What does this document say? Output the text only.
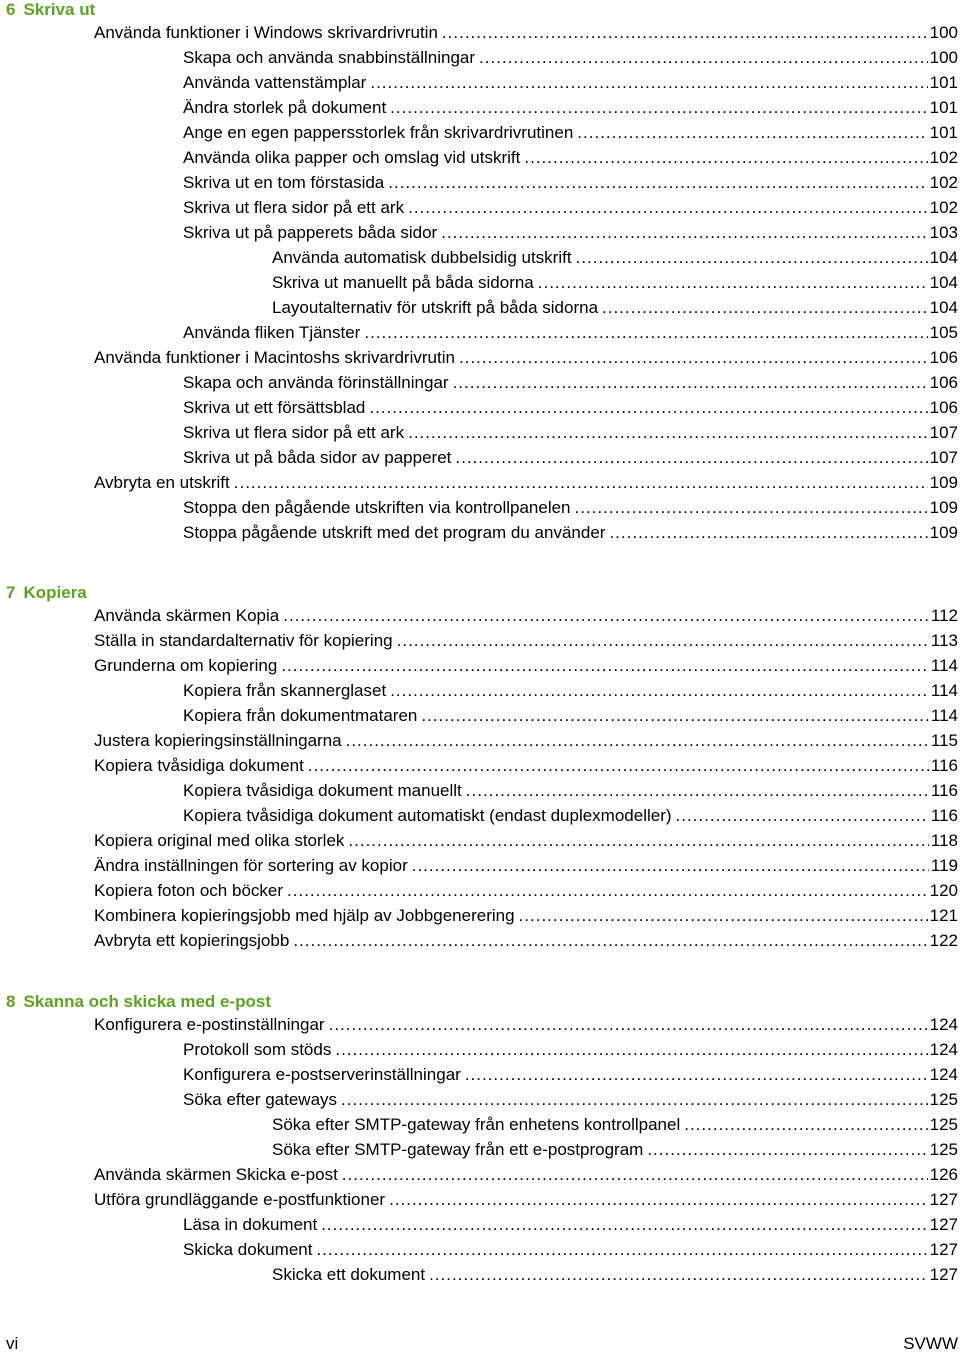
6 Skriva ut
Använda funktioner i Windows skrivardrivrutin .....	100
Skapa och använda snabbinställningar .....	100
Använda vattenstämplar .....	101
Ändra storlek på dokument .....	101
Ange en egen pappersstorlek från skrivardrivrutinen .....	101
Använda olika papper och omslag vid utskrift .....	102
Skriva ut en tom förstasida .....	102
Skriva ut flera sidor på ett ark .....	102
Skriva ut på papperets båda sidor .....	103
Använda automatisk dubbelsidig utskrift .....	104
Skriva ut manuellt på båda sidorna .....	104
Layoutalternativ för utskrift på båda sidorna .....	104
Använda fliken Tjänster .....	105
Använda funktioner i Macintoshs skrivardrivrutin .....	106
Skapa och använda förinställningar .....	106
Skriva ut ett försättsblad .....	106
Skriva ut flera sidor på ett ark .....	107
Skriva ut på båda sidor av papperet .....	107
Avbryta en utskrift .....	109
Stoppa den pågående utskriften via kontrollpanelen .....	109
Stoppa pågående utskrift med det program du använder .....	109
7 Kopiera
Använda skärmen Kopia .....	112
Ställa in standardalternativ för kopiering .....	113
Grunderna om kopiering .....	114
Kopiera från skannerglaset .....	114
Kopiera från dokumentmataren .....	114
Justera kopieringsinställningarna .....	115
Kopiera tvåsidiga dokument .....	116
Kopiera tvåsidiga dokument manuellt .....	116
Kopiera tvåsidiga dokument automatiskt (endast duplexmodeller) .....	116
Kopiera original med olika storlek .....	118
Ändra inställningen för sortering av kopior .....	119
Kopiera foton och böcker .....	120
Kombinera kopieringsjobb med hjälp av Jobbgenerering .....	121
Avbryta ett kopieringsjobb .....	122
8 Skanna och skicka med e-post
Konfigurera e-postinställningar .....	124
Protokoll som stöds .....	124
Konfigurera e-postserverinställningar .....	124
Söka efter gateways .....	125
Söka efter SMTP-gateway från enhetens kontrollpanel .....	125
Söka efter SMTP-gateway från ett e-postprogram .....	125
Använda skärmen Skicka e-post .....	126
Utföra grundläggande e-postfunktioner .....	127
Läsa in dokument .....	127
Skicka dokument .....	127
Skicka ett dokument .....	127
vi	SVWW
